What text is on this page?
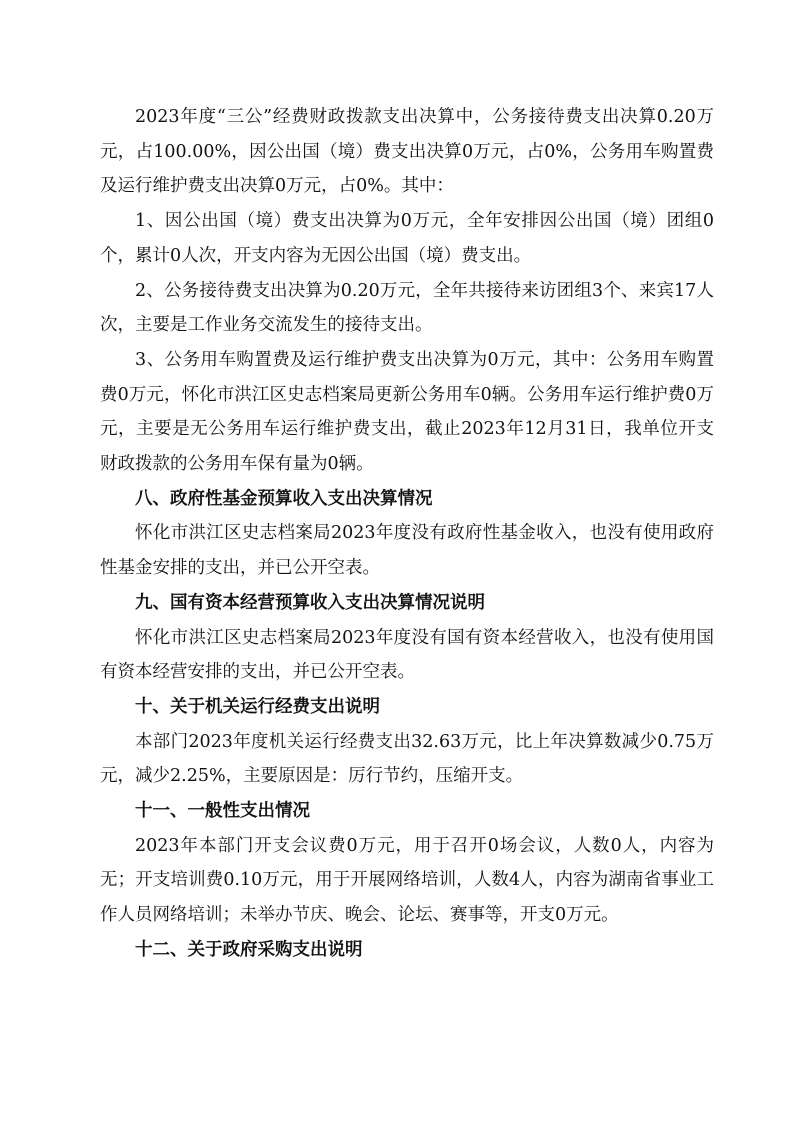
2023年度“三公”经费财政拨款支出决算中，公务接待费支出决算0.20万元，占100.00%，因公出国（境）费支出决算0万元，占0%，公务用车购置费及运行维护费支出决算0万元，占0%。其中：

1、因公出国（境）费支出决算为0万元，全年安排因公出国（境）团组0个，累计0人次，开支内容为无因公出国（境）费支出。

2、公务接待费支出决算为0.20万元，全年共接待来访团组3个、来宾17人次，主要是工作业务交流发生的接待支出。

3、公务用车购置费及运行维护费支出决算为0万元，其中：公务用车购置费0万元，怀化市洪江区史志档案局更新公务用车0辆。公务用车运行维护费0万元，主要是无公务用车运行维护费支出，截止2023年12月31日，我单位开支财政拨款的公务用车保有量为0辆。

八、政府性基金预算收入支出决算情况

怀化市洪江区史志档案局2023年度没有政府性基金收入，也没有使用政府性基金安排的支出，并已公开空表。

九、国有资本经营预算收入支出决算情况说明

怀化市洪江区史志档案局2023年度没有国有资本经营收入，也没有使用国有资本经营安排的支出，并已公开空表。

十、关于机关运行经费支出说明

本部门2023年度机关运行经费支出32.63万元，比上年决算数减少0.75万元，减少2.25%，主要原因是：厉行节约，压缩开支。

十一、一般性支出情况

2023年本部门开支会议费0万元，用于召开0场会议，人数0人，内容为无；开支培训费0.10万元，用于开展网络培训，人数4人，内容为湖南省事业工作人员网络培训；未举办节庆、晚会、论坛、赛事等，开支0万元。

十二、关于政府采购支出说明
